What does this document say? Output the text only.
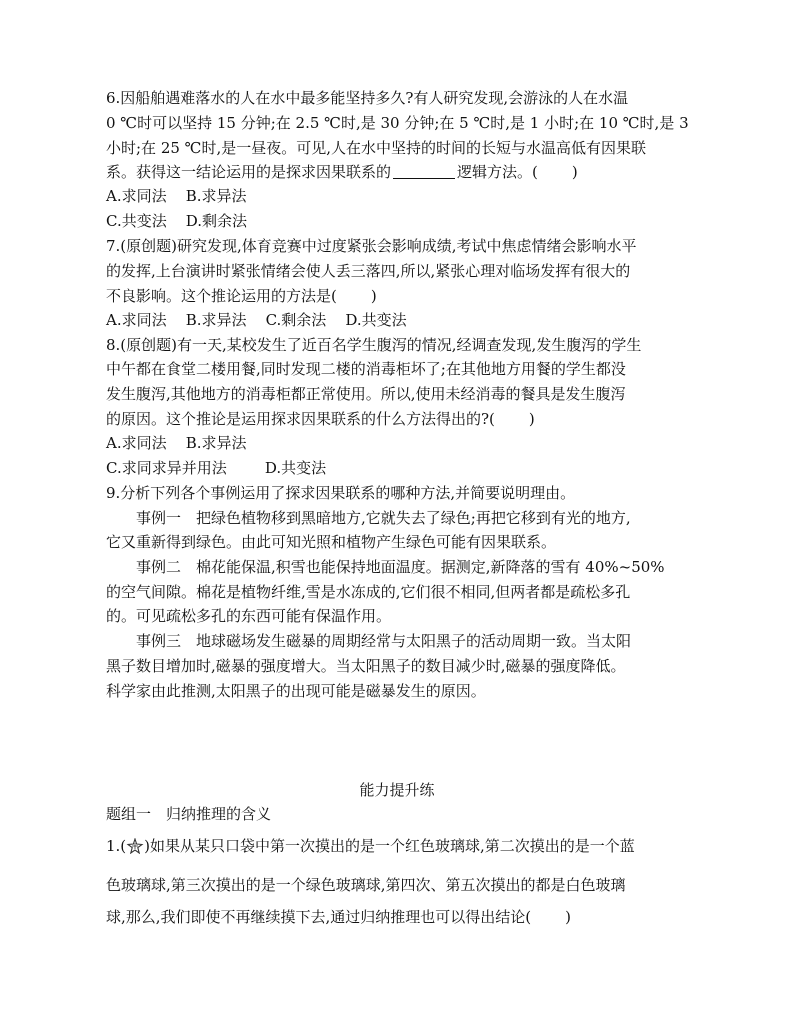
6.因船舶遇难落水的人在水中最多能坚持多久?有人研究发现,会游泳的人在水温
0 ℃时可以坚持 15 分钟;在 2.5 ℃时,是 30 分钟;在 5 ℃时,是 1 小时;在 10 ℃时,是 3
小时;在 25 ℃时,是一昼夜。可见,人在水中坚持的时间的长短与水温高低有因果联
系。获得这一结论运用的是探求因果联系的	逻辑方法。( )
A.求同法 B.求异法
C.共变法 D.剩余法
7.(原创题)研究发现,体育竞赛中过度紧张会影响成绩,考试中焦虑情绪会影响水平
的发挥,上台演讲时紧张情绪会使人丢三落四,所以,紧张心理对临场发挥有很大的
不良影响。这个推论运用的方法是( )
A.求同法 B.求异法 C.剩余法 D.共变法
8.(原创题)有一天,某校发生了近百名学生腹泻的情况,经调查发现,发生腹泻的学生
中午都在食堂二楼用餐,同时发现二楼的消毒柜坏了;在其他地方用餐的学生都没
发生腹泻,其他地方的消毒柜都正常使用。所以,使用未经消毒的餐具是发生腹泻
的原因。这个推论是运用探求因果联系的什么方法得出的?( )
A.求同法 B.求异法
C.求同求异并用法	D.共变法
9.分析下列各个事例运用了探求因果联系的哪种方法,并简要说明理由。
事例一　把绿色植物移到黑暗地方,它就失去了绿色;再把它移到有光的地方,
它又重新得到绿色。由此可知光照和植物产生绿色可能有因果联系。
事例二　棉花能保温,积雪也能保持地面温度。据测定,新降落的雪有 40%~50%
的空气间隙。棉花是植物纤维,雪是水冻成的,它们很不相同,但两者都是疏松多孔
的。可见疏松多孔的东西可能有保温作用。
事例三　地球磁场发生磁暴的周期经常与太阳黑子的活动周期一致。当太阳
黑子数目增加时,磁暴的强度增大。当太阳黑子的数目减少时,磁暴的强度降低。
科学家由此推测,太阳黑子的出现可能是磁暴发生的原因。
能力提升练
题组一　归纳推理的含义
1.( )如果从某只口袋中第一次摸出的是一个红色玻璃球,第二次摸出的是一个蓝
色玻璃球,第三次摸出的是一个绿色玻璃球,第四次、第五次摸出的都是白色玻璃
球,那么,我们即使不再继续摸下去,通过归纳推理也可以得出结论( )
